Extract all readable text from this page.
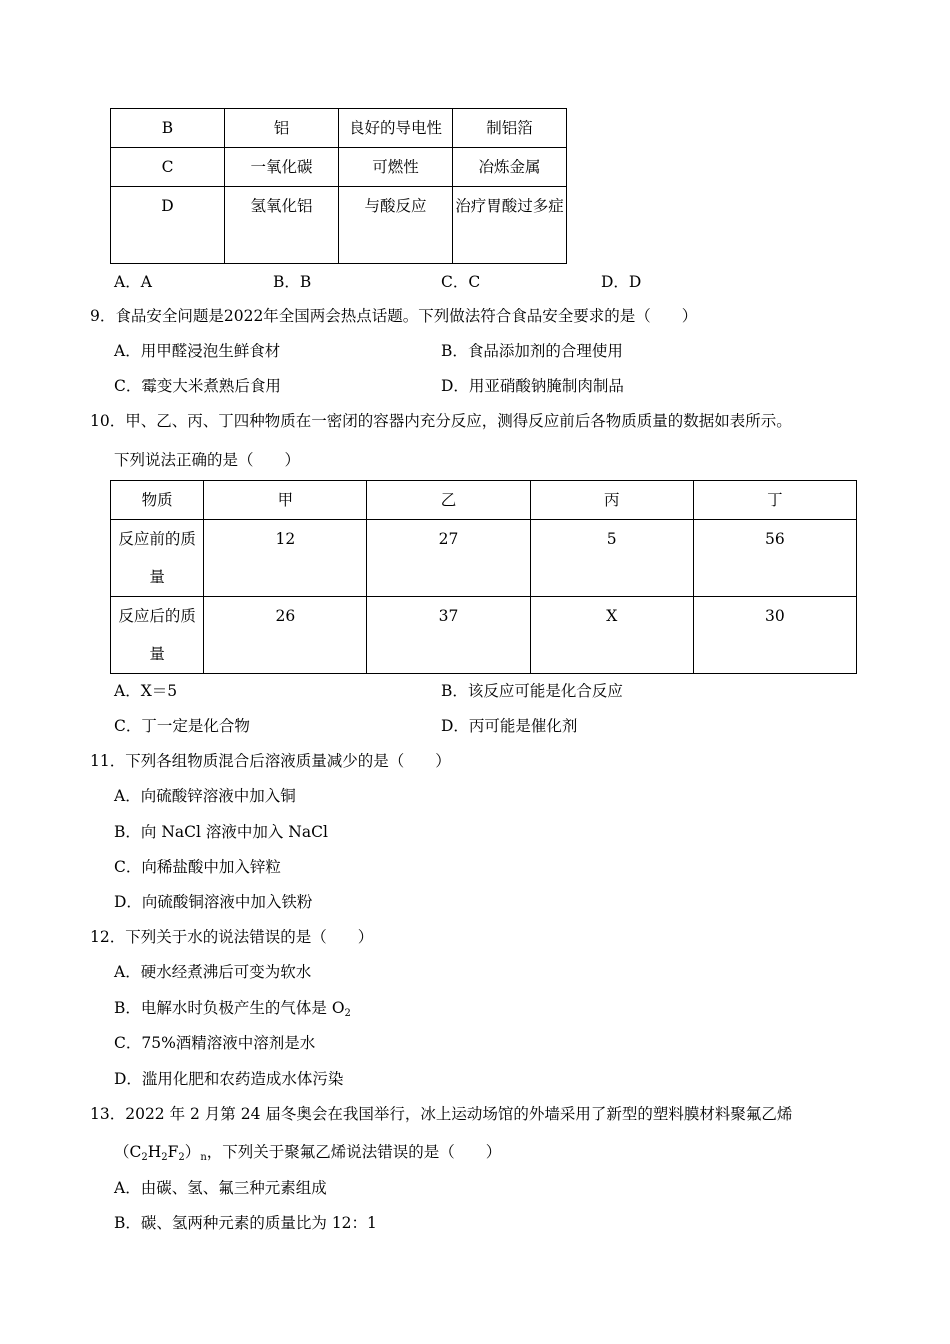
B	铝	良好的导电性	制铝箔
C	一氧化碳	可燃性	冶炼金属
D	氢氧化铝	与酸反应	治疗胃酸过多症
A．A	B．B	C．C	D．D
9．食品安全问题是2022年全国两会热点话题。下列做法符合食品安全要求的是（　　）
A．用甲醛浸泡生鲜食材	B．食品添加剂的合理使用
C．霉变大米煮熟后食用	D．用亚硝酸钠腌制肉制品
10．甲、乙、丙、丁四种物质在一密闭的容器内充分反应，测得反应前后各物质质量的数据如表所示。
下列说法正确的是（　　）
物质	甲	乙	丙	丁
反应前的质量	12	27	5	56
反应后的质量	26	37	X	30
A．X＝5	B．该反应可能是化合反应
C．丁一定是化合物	D．丙可能是催化剂
11．下列各组物质混合后溶液质量减少的是（　　）
A．向硫酸锌溶液中加入铜
B．向 NaCl 溶液中加入 NaCl
C．向稀盐酸中加入锌粒
D．向硫酸铜溶液中加入铁粉
12．下列关于水的说法错误的是（　　）
A．硬水经煮沸后可变为软水
B．电解水时负极产生的气体是 $O_2$
C．75%酒精溶液中溶剂是水
D．滥用化肥和农药造成水体污染
13．2022 年 2 月第 24 届冬奥会在我国举行，冰上运动场馆的外墙采用了新型的塑料膜材料聚氟乙烯
$(C_2H_2F_2)_n$，下列关于聚氟乙烯说法错误的是（　　）
A．由碳、氢、氟三种元素组成
B．碳、氢两种元素的质量比为 12：1
